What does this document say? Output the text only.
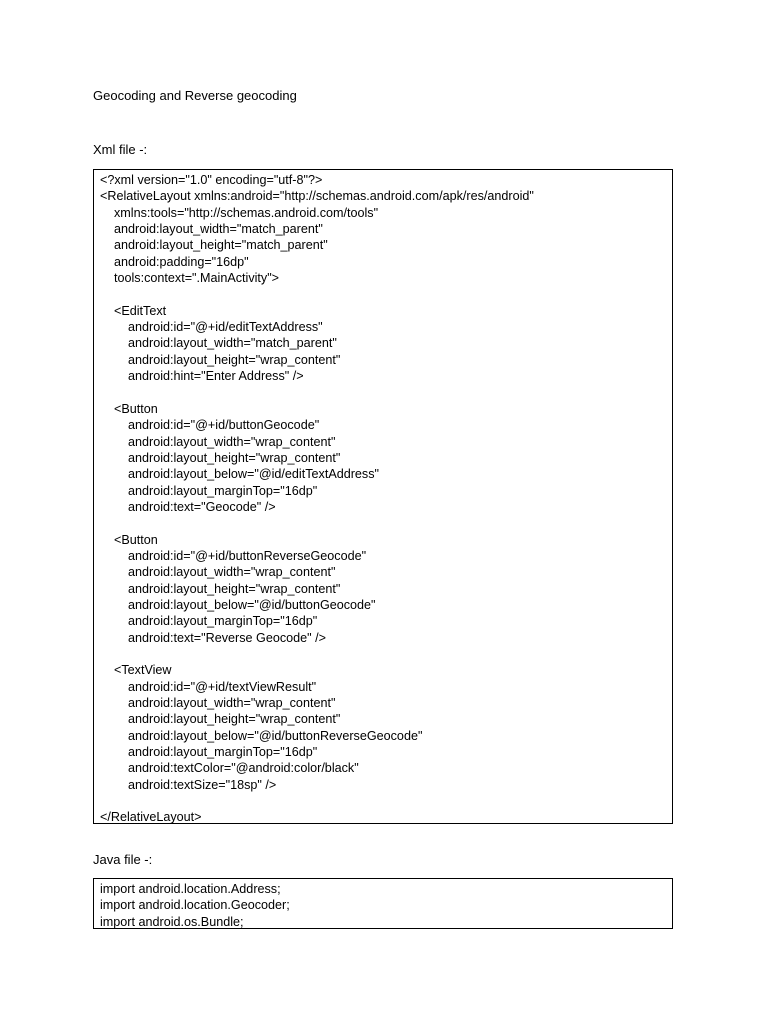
Geocoding and Reverse geocoding
Xml file -:
<?xml version="1.0" encoding="utf-8"?>
<RelativeLayout xmlns:android="http://schemas.android.com/apk/res/android"
xmlns:tools="http://schemas.android.com/tools"
android:layout_width="match_parent"
android:layout_height="match_parent"
android:padding="16dp"
tools:context=".MainActivity">
<EditText
android:id="@+id/editTextAddress"
android:layout_width="match_parent"
android:layout_height="wrap_content"
android:hint="Enter Address" />
<Button
android:id="@+id/buttonGeocode"
android:layout_width="wrap_content"
android:layout_height="wrap_content"
android:layout_below="@id/editTextAddress"
android:layout_marginTop="16dp"
android:text="Geocode" />
<Button
android:id="@+id/buttonReverseGeocode"
android:layout_width="wrap_content"
android:layout_height="wrap_content"
android:layout_below="@id/buttonGeocode"
android:layout_marginTop="16dp"
android:text="Reverse Geocode" />
<TextView
android:id="@+id/textViewResult"
android:layout_width="wrap_content"
android:layout_height="wrap_content"
android:layout_below="@id/buttonReverseGeocode"
android:layout_marginTop="16dp"
android:textColor="@android:color/black"
android:textSize="18sp" />
</RelativeLayout>
Java file -:
import android.location.Address;
import android.location.Geocoder;
import android.os.Bundle;
